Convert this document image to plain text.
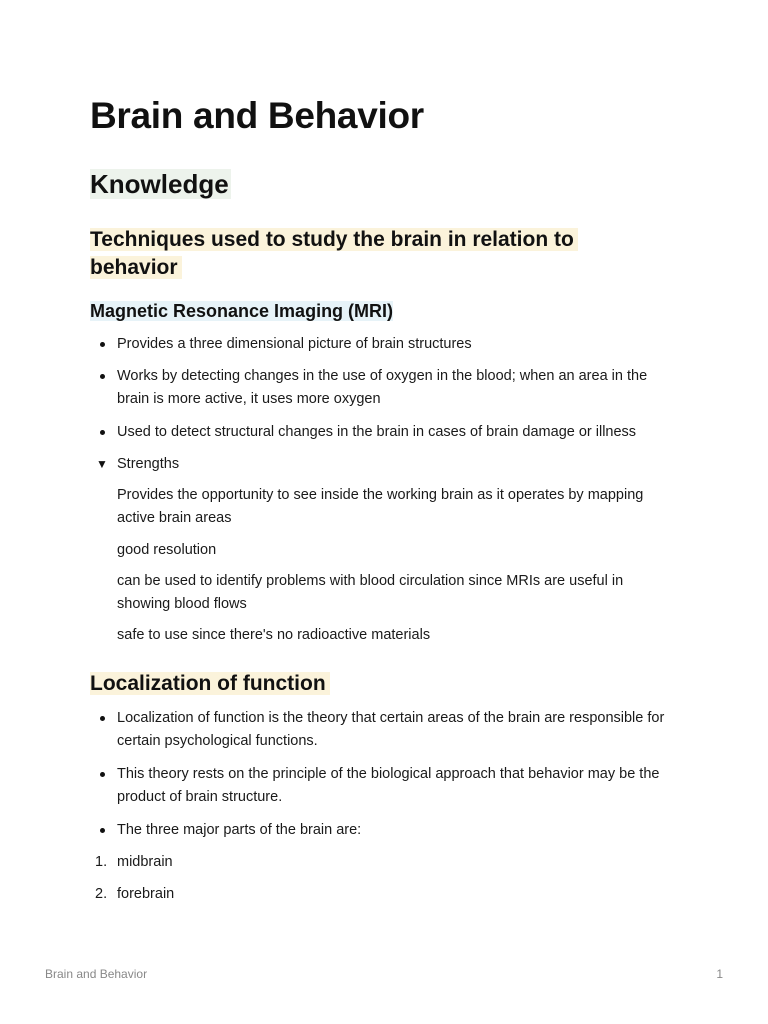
Brain and Behavior
Knowledge
Techniques used to study the brain in relation to behavior
Magnetic Resonance Imaging (MRI)
Provides a three dimensional picture of brain structures
Works by detecting changes in the use of oxygen in the blood; when an area in the brain is more active, it uses more oxygen
Used to detect structural changes in the brain in cases of brain damage or illness
▼ Strengths
Provides the opportunity to see inside the working brain as it operates by mapping active brain areas
good resolution
can be used to identify problems with blood circulation since MRIs are useful in showing blood flows
safe to use since there's no radioactive materials
Localization of function
Localization of function is the theory that certain areas of the brain are responsible for certain psychological functions.
This theory rests on the principle of the biological approach that behavior may be the product of brain structure.
The three major parts of the brain are:
1. midbrain
2. forebrain
Brain and Behavior	1
